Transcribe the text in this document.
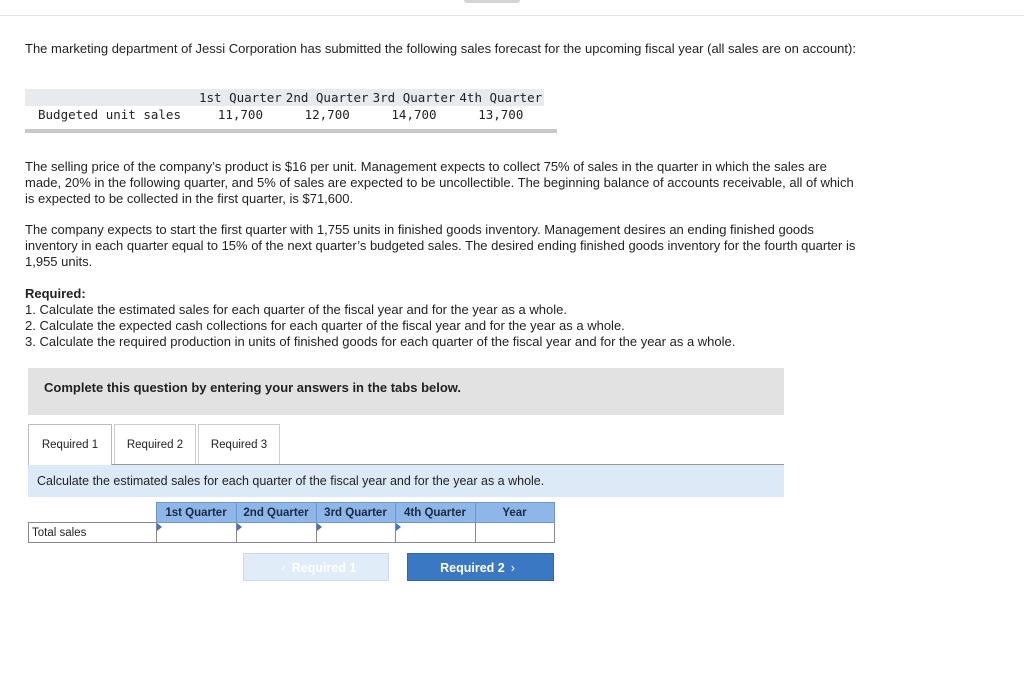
The marketing department of Jessi Corporation has submitted the following sales forecast for the upcoming fiscal year (all sales are on account):

	1st Quarter	2nd Quarter	3rd Quarter	4th Quarter
Budgeted unit sales	11,700	12,700	14,700	13,700

The selling price of the company’s product is $16 per unit. Management expects to collect 75% of sales in the quarter in which the sales are made, 20% in the following quarter, and 5% of sales are expected to be uncollectible. The beginning balance of accounts receivable, all of which is expected to be collected in the first quarter, is $71,600.

The company expects to start the first quarter with 1,755 units in finished goods inventory. Management desires an ending finished goods inventory in each quarter equal to 15% of the next quarter’s budgeted sales. The desired ending finished goods inventory for the fourth quarter is 1,955 units.

Required:
1. Calculate the estimated sales for each quarter of the fiscal year and for the year as a whole.
2. Calculate the expected cash collections for each quarter of the fiscal year and for the year as a whole.
3. Calculate the required production in units of finished goods for each quarter of the fiscal year and for the year as a whole.
Complete this question by entering your answers in the tabs below.
Required 1	Required 2	Required 3
Calculate the estimated sales for each quarter of the fiscal year and for the year as a whole.
	1st Quarter	2nd Quarter	3rd Quarter	4th Quarter	Year
Total sales	

‹ Required 1	Required 2 ›
